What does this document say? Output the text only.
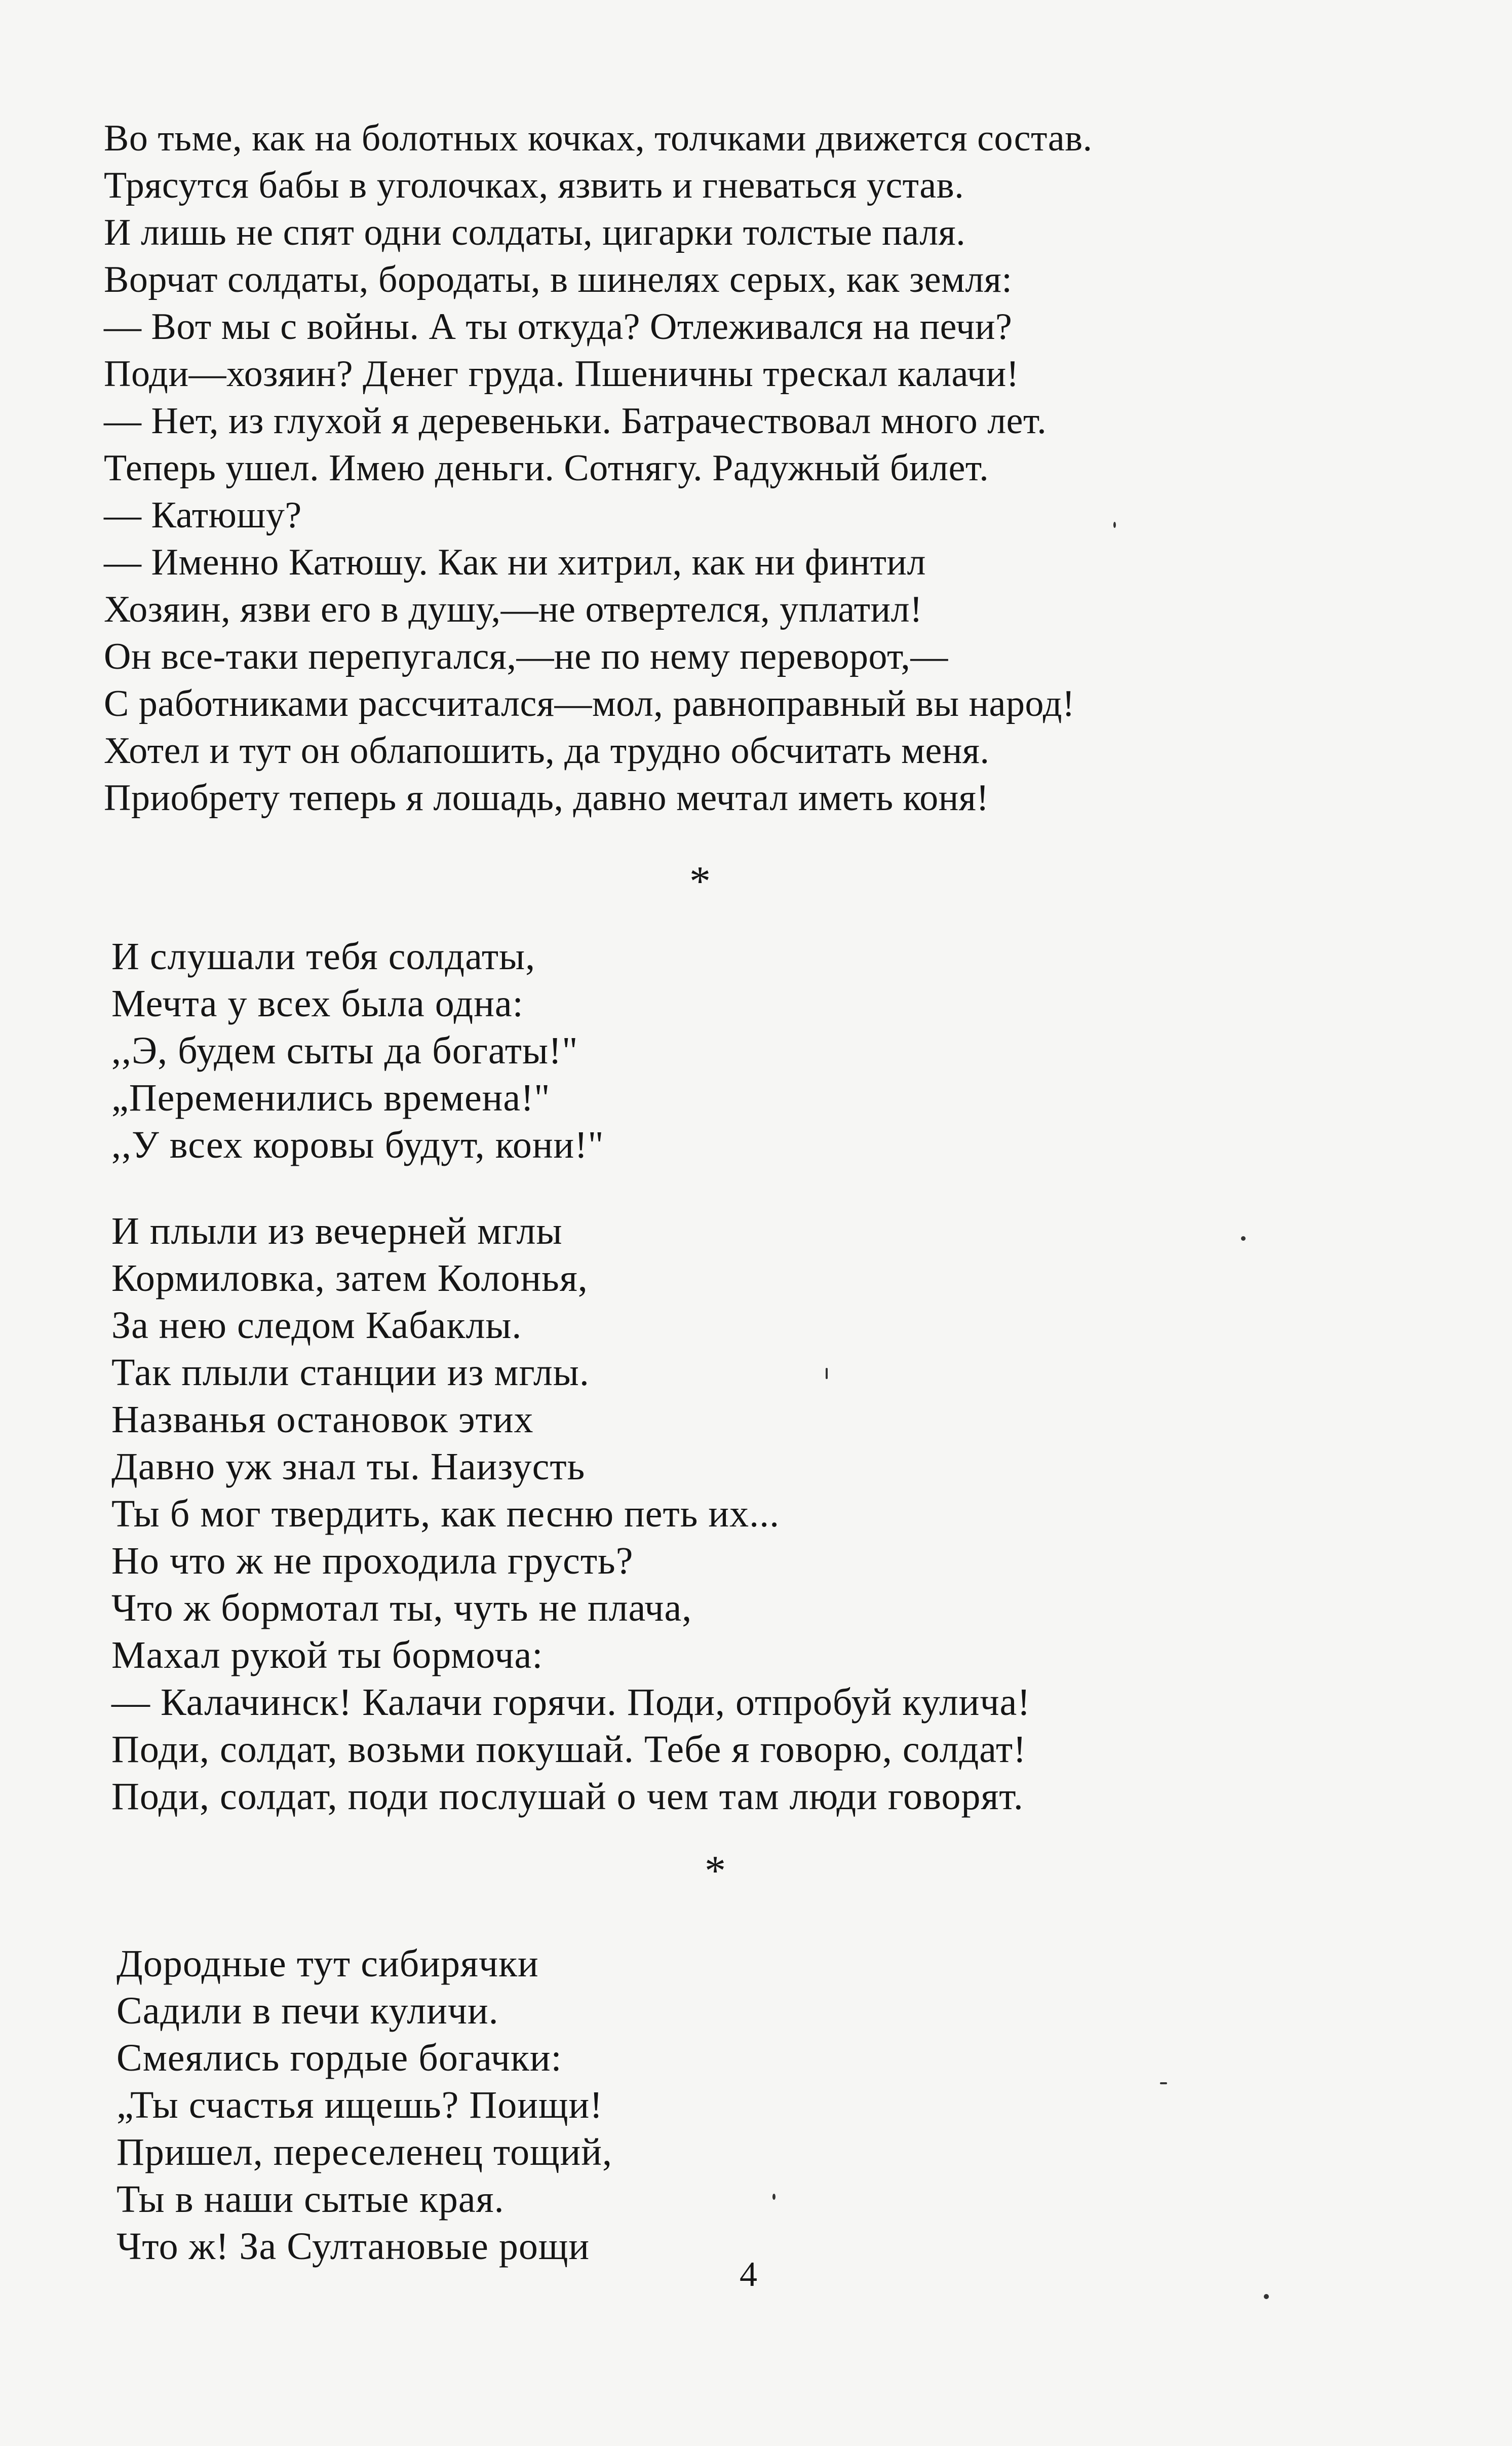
Во тьме, как на болотных кочках, толчками движется состав.
Трясутся бабы в уголочках, язвить и гневаться устав.
И лишь не спят одни солдаты, цигарки толстые паля.
Ворчат солдаты, бородаты, в шинелях серых, как земля:
— Вот мы с войны. А ты откуда? Отлеживался на печи?
Поди—хозяин? Денег груда. Пшеничны трескал калачи!
— Нет, из глухой я деревеньки. Батрачествовал много лет.
Теперь ушел. Имею деньги. Сотнягу. Радужный билет.
— Катюшу?
— Именно Катюшу. Как ни хитрил, как ни финтил
Хозяин, язви его в душу,—не отвертелся, уплатил!
Он все-таки перепугался,—не по нему переворот,—
С работниками рассчитался—мол, равноправный вы народ!
Хотел и тут он облапошить, да трудно обсчитать меня.
Приобрету теперь я лошадь, давно мечтал иметь коня!
*
И слушали тебя солдаты,
Мечта у всех была одна:
,,Э, будем сыты да богаты!"
„Переменились времена!"
,,У всех коровы будут, кони!"
И плыли из вечерней мглы
Кормиловка, затем Колонья,
За нею следом Кабаклы.
Так плыли станции из мглы.
Названья остановок этих
Давно уж знал ты. Наизусть
Ты б мог твердить, как песню петь их...
Но что ж не проходила грусть?
Что ж бормотал ты, чуть не плача,
Махал рукой ты бормоча:
— Калачинск! Калачи горячи. Поди, отпробуй кулича!
Поди, солдат, возьми покушай. Тебе я говорю, солдат!
Поди, солдат, поди послушай о чем там люди говорят.
*
Дородные тут сибирячки
Садили в печи куличи.
Смеялись гордые богачки:
„Ты счастья ищешь? Поищи!
Пришел, переселенец тощий,
Ты в наши сытые края.
Что ж! За Султановые рощи
4
